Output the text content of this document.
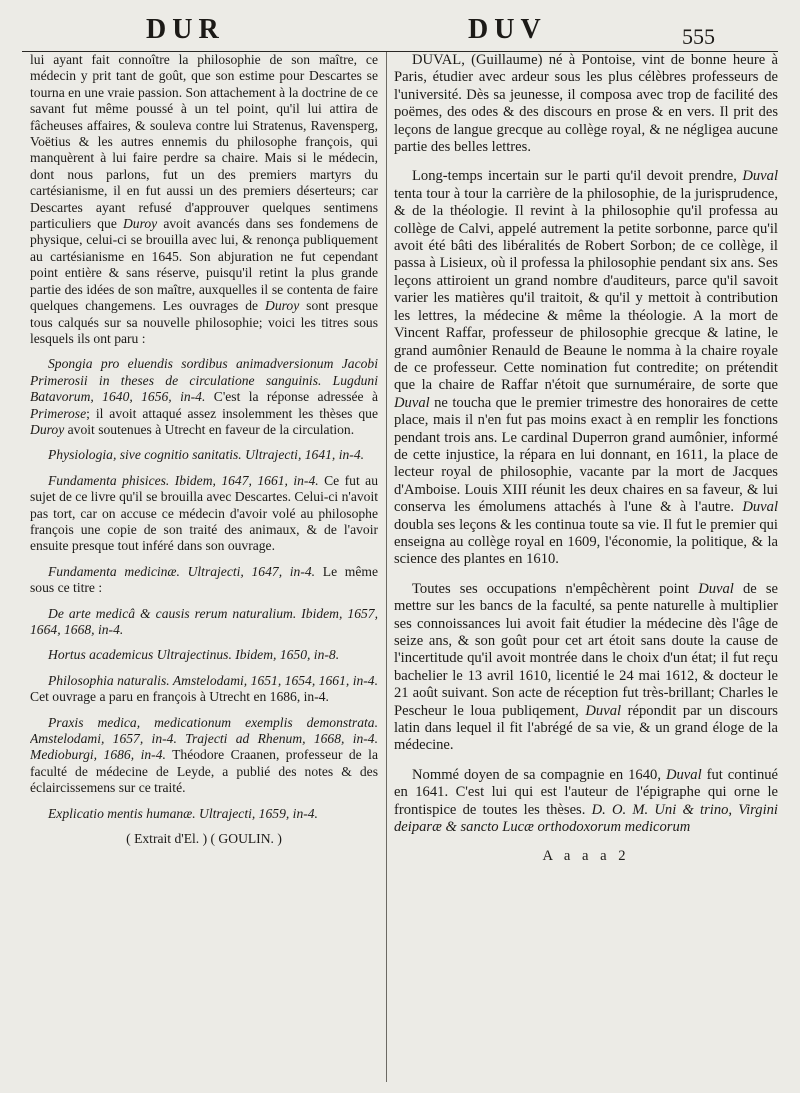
DUR	DUV	555

lui ayant fait connoître la philosophie de son maître, ce médecin y prit tant de goût, que son estime pour Descartes se tourna en une vraie passion. Son attachement à la doctrine de ce savant fut même poussé à un tel point, qu'il lui attira de fâcheuses affaires, & souleva contre lui Stratenus, Ravensperg, Voëtius & les autres ennemis du philosophe françois, qui manquèrent à lui faire perdre sa chaire. Mais si le médecin, dont nous parlons, fut un des premiers martyrs du cartésianisme, il en fut aussi un des premiers déserteurs; car Descartes ayant refusé d'approuver quelques sentimens particuliers que Duroy avoit avancés dans ses fondemens de physique, celui-ci se brouilla avec lui, & renonça publiquement au cartésianisme en 1645. Son abjuration ne fut cependant point entière & sans réserve, puisqu'il retint la plus grande partie des idées de son maître, auxquelles il se contenta de faire quelques changemens. Les ouvrages de Duroy sont presque tous calqués sur sa nouvelle philosophie; voici les titres sous lesquels ils ont paru :

Spongia pro eluendis sordibus animadversionum Jacobi Primerosii in theses de circulatione sanguinis. Lugduni Batavorum, 1640, 1656, in-4. C'est la réponse adressée à Primerose; il avoit attaqué assez insolemment les thèses que Duroy avoit soutenues à Utrecht en faveur de la circulation.

Physiologia, sive cognitio sanitatis. Ultrajecti, 1641, in-4.

Fundamenta phisices. Ibidem, 1647, 1661, in-4. Ce fut au sujet de ce livre qu'il se brouilla avec Descartes. Celui-ci n'avoit pas tort, car on accuse ce médecin d'avoir volé au philosophe françois une copie de son traité des animaux, & de l'avoir ensuite presque tout inféré dans son ouvrage.

Fundamenta medicinæ. Ultrajecti, 1647, in-4. Le même sous ce titre :

De arte medicâ & causis rerum naturalium. Ibidem, 1657, 1664, 1668, in-4.

Hortus academicus Ultrajectinus. Ibidem, 1650, in-8.

Philosophia naturalis. Amstelodami, 1651, 1654, 1661, in-4. Cet ouvrage a paru en françois à Utrecht en 1686, in-4.

Praxis medica, medicationum exemplis demonstrata. Amstelodami, 1657, in-4. Trajecti ad Rhenum, 1668, in-4. Medioburgi, 1686, in-4. Théodore Craanen, professeur de la faculté de médecine de Leyde, a publié des notes & des éclaircissemens sur ce traité.

Explicatio mentis humanæ. Ultrajecti, 1659, in-4.

( Extrait d'El. ) ( GOULIN. )

DUVAL, (Guillaume) né à Pontoise, vint de bonne heure à Paris, étudier avec ardeur sous les plus célèbres professeurs de l'université. Dès sa jeunesse, il composa avec trop de facilité des poëmes, des odes & des discours en prose & en vers. Il prit des leçons de langue grecque au collège royal, & ne négligea aucune partie des belles lettres.

Long-temps incertain sur le parti qu'il devoit prendre, Duval tenta tour à tour la carrière de la philosophie, de la jurisprudence, & de la théologie. Il revint à la philosophie qu'il professa au collège de Calvi, appelé autrement la petite sorbonne, parce qu'il avoit été bâti des libéralités de Robert Sorbon; de ce collège, il passa à Lisieux, où il professa la philosophie pendant six ans. Ses leçons attiroient un grand nombre d'auditeurs, parce qu'il savoit varier les matières qu'il traitoit, & qu'il y mettoit à contribution les lettres, la médecine & même la théologie. A la mort de Vincent Raffar, professeur de philosophie grecque & latine, le grand aumônier Renauld de Beaune le nomma à la chaire royale de ce professeur. Cette nomination fut contredite; on prétendit que la chaire de Raffar n'étoit que surnuméraire, de sorte que Duval ne toucha que le premier trimestre des honoraires de cette place, mais il n'en fut pas moins exact à en remplir les fonctions pendant trois ans. Le cardinal Duperron grand aumônier, informé de cette injustice, la répara en lui donnant, en 1611, la place de lecteur royal de philosophie, vacante par la mort de Jacques d'Amboise. Louis XIII réunit les deux chaires en sa faveur, & lui conserva les émolumens attachés à l'une & à l'autre. Duval doubla ses leçons & les continua toute sa vie. Il fut le premier qui enseigna au collège royal en 1609, l'économie, la politique, & la science des plantes en 1610.

Toutes ses occupations n'empêchèrent point Duval de se mettre sur les bancs de la faculté, sa pente naturelle à multiplier ses connoissances lui avoit fait étudier la médecine dès l'âge de seize ans, & son goût pour cet art étoit sans doute la cause de l'incertitude qu'il avoit montrée dans le choix d'un état; il fut reçu bachelier le 13 avril 1610, licentié le 24 mai 1612, & docteur le 21 août suivant. Son acte de réception fut très-brillant; Charles le Pescheur le loua publiqement, Duval répondit par un discours latin dans lequel il fit l'abrégé de sa vie, & un grand éloge de la médecine.

Nommé doyen de sa compagnie en 1640, Duval fut continué en 1641. C'est lui qui est l'auteur de l'épigraphe qui orne le frontispice de toutes les thèses. D. O. M. Uni & trino, Virgini deiparæ & sancto Lucæ orthodoxorum medicorum

A a a a 2
